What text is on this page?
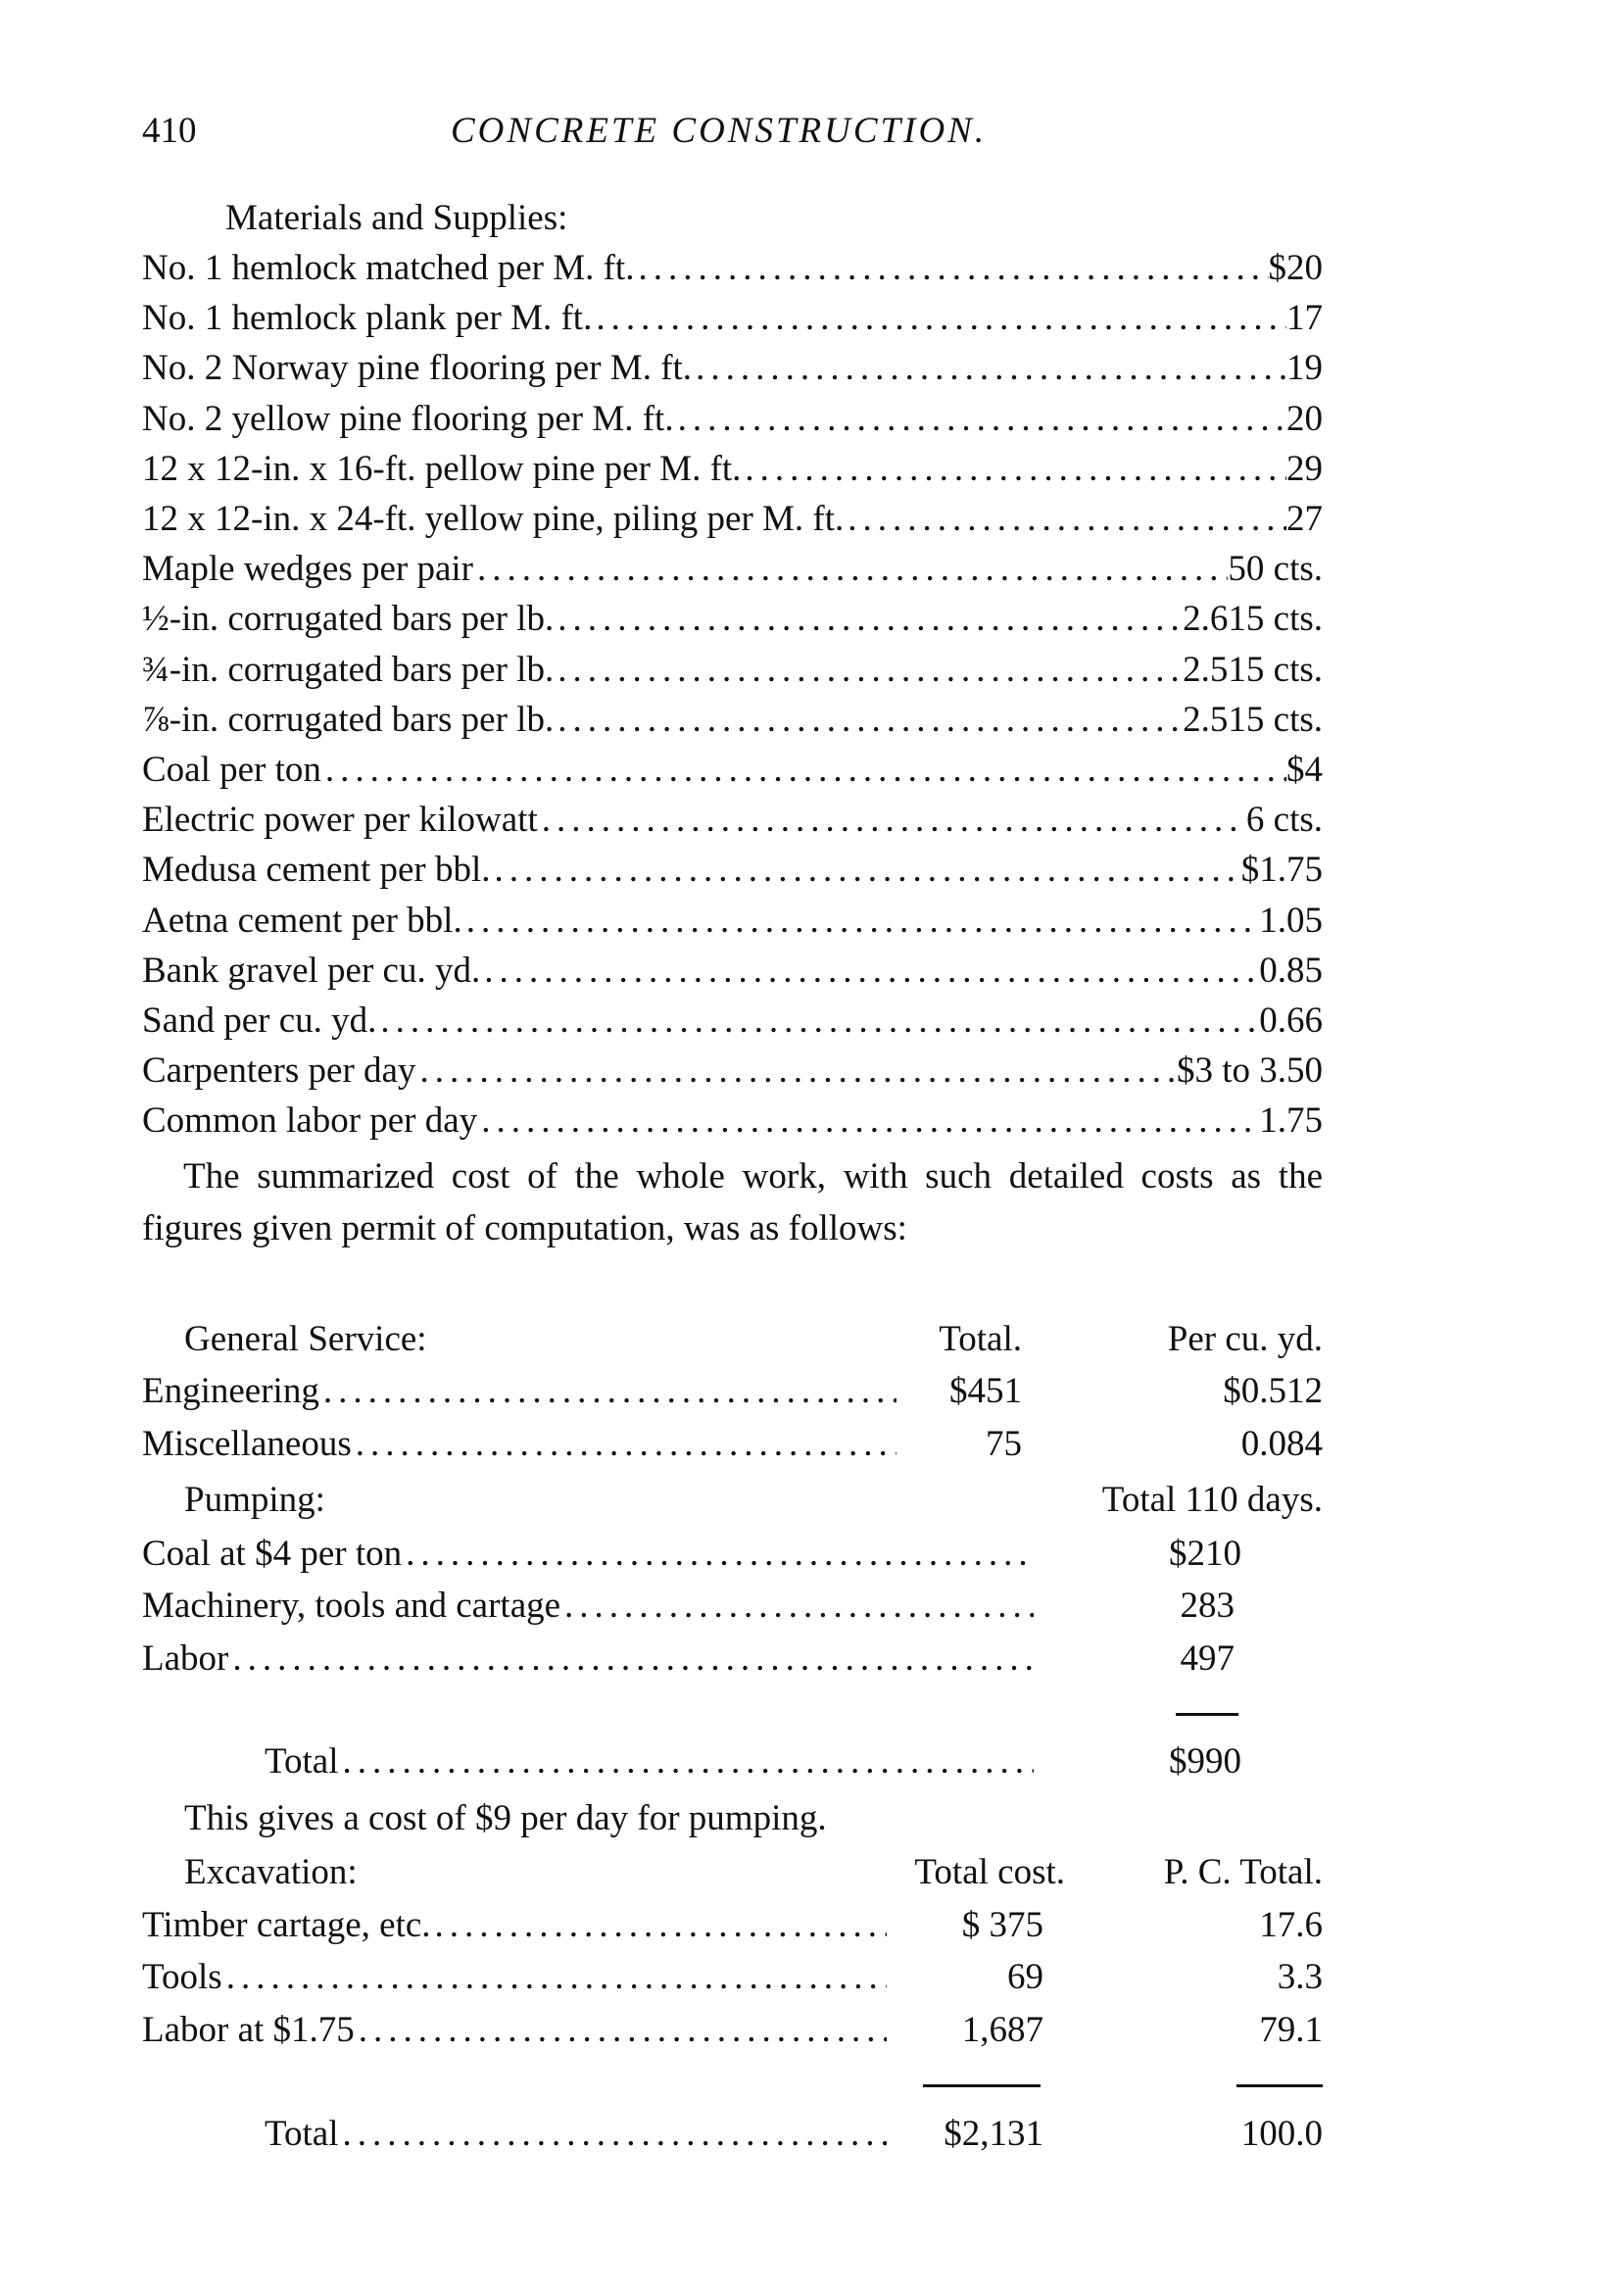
410	CONCRETE CONSTRUCTION.
Materials and Supplies:
No. 1 hemlock matched per M. ft. .....	$20
No. 1 hemlock plank per M. ft. .....	17
No. 2 Norway pine flooring per M. ft. .....	19
No. 2 yellow pine flooring per M. ft. .....	20
12 x 12-in. x 16-ft. pellow pine per M. ft. .....	29
12 x 12-in. x 24-ft. yellow pine, piling per M. ft. .....	27
Maple wedges per pair .....	50 cts.
½-in. corrugated bars per lb. .....	2.615 cts.
¾-in. corrugated bars per lb. .....	2.515 cts.
⅞-in. corrugated bars per lb. .....	2.515 cts.
Coal per ton .....	$4
Electric power per kilowatt .....	6 cts.
Medusa cement per bbl. .....	$1.75
Aetna cement per bbl. .....	1.05
Bank gravel per cu. yd. .....	0.85
Sand per cu. yd. .....	0.66
Carpenters per day .....	$3 to 3.50
Common labor per day .....	1.75
The summarized cost of the whole work, with such detailed costs as the figures given permit of computation, was as follows:
General Service:	Total.	Per cu. yd.
Engineering .....	$451	$0.512
Miscellaneous .....	75	0.084
Pumping:	Total 110 days.
Coal at $4 per ton .....	$210
Machinery, tools and cartage .....	283
Labor .....	497
Total .....	$990
This gives a cost of $9 per day for pumping.
Excavation:	Total cost.	P. C. Total.
Timber cartage, etc. .....	$ 375	17.6
Tools .....	69	3.3
Labor at $1.75 .....	1,687	79.1
Total .....	$2,131	100.0
